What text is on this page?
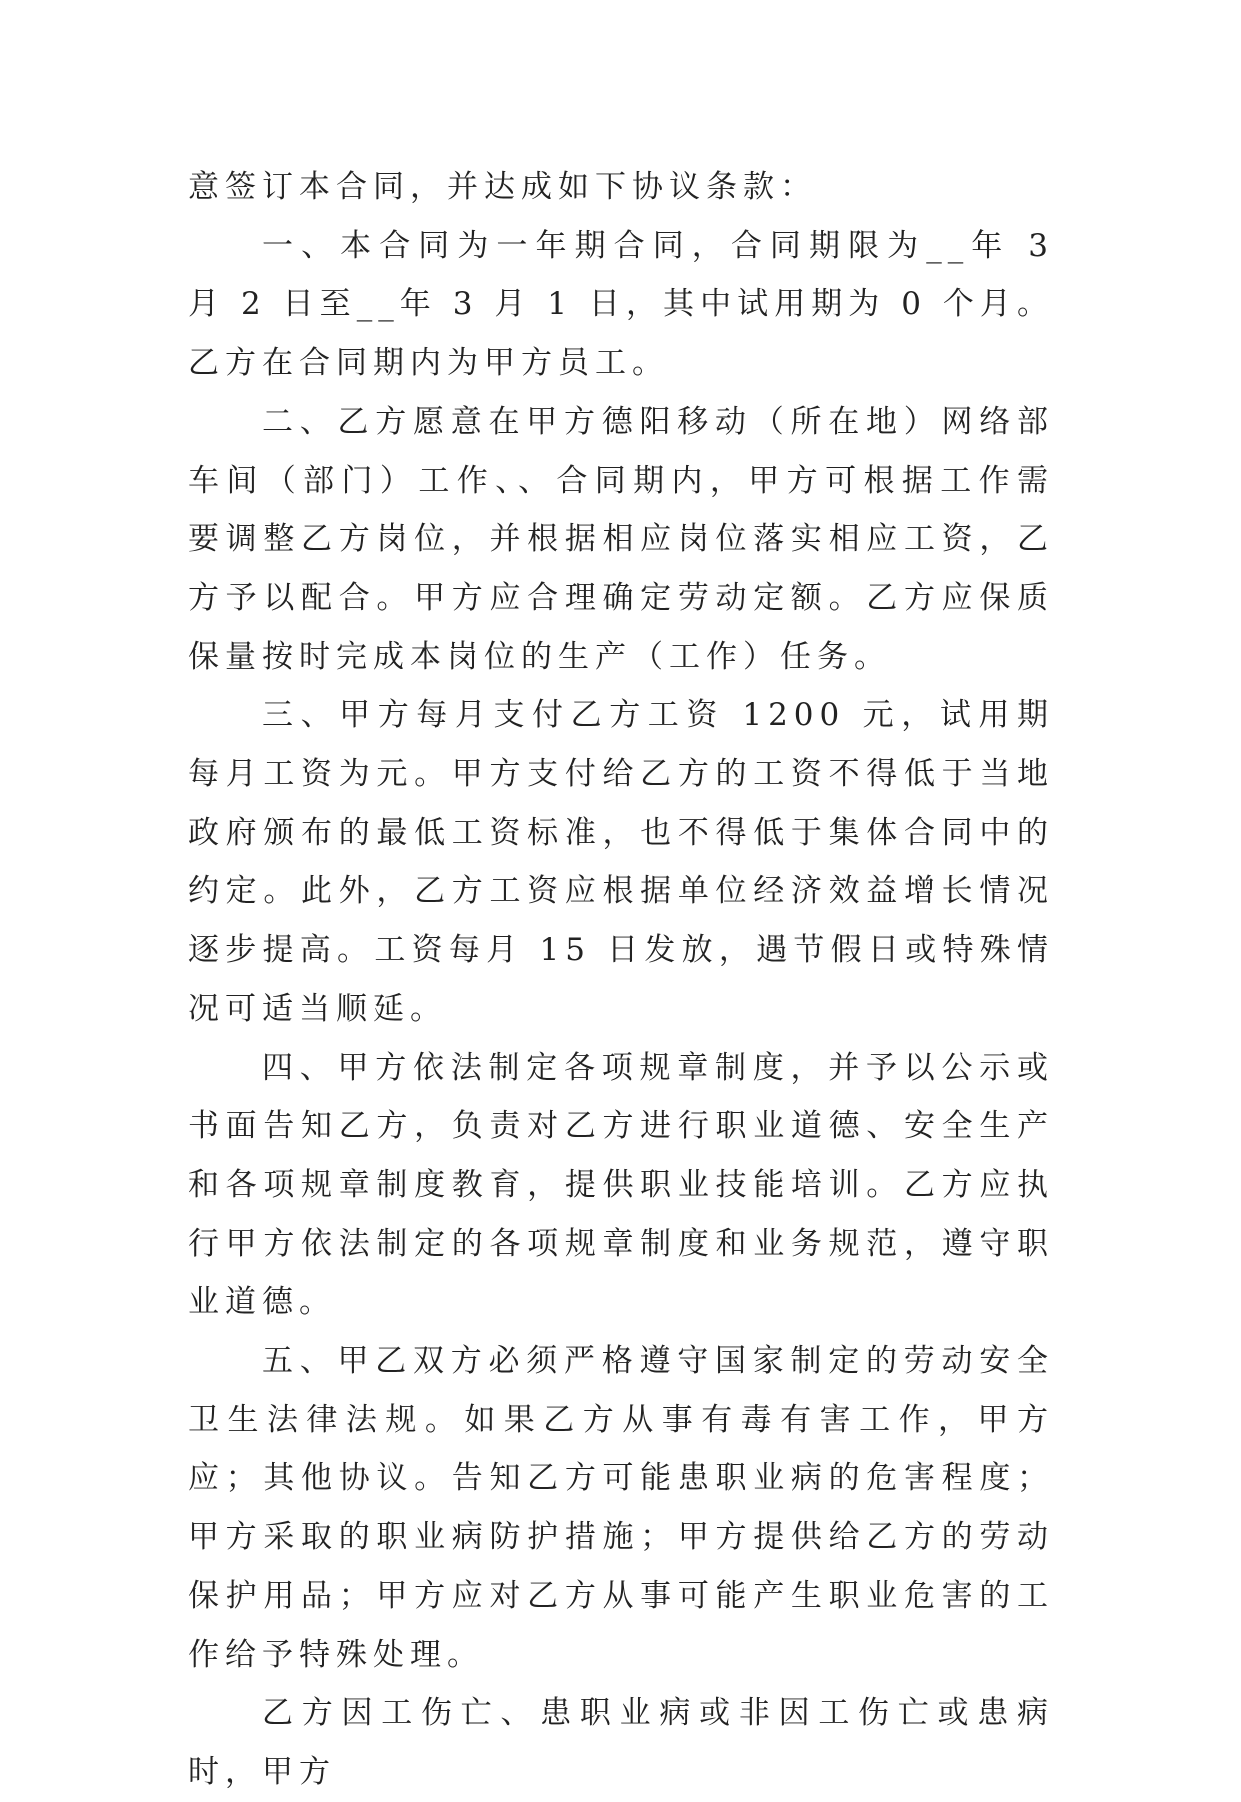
意签订本合同，并达成如下协议条款：

一、本合同为一年期合同，合同期限为__年 3 月 2 日至__年 3 月 1 日，其中试用期为 0 个月。乙方在合同期内为甲方员工。

二、乙方愿意在甲方德阳移动（所在地）网络部车间（部门）工作、、合同期内，甲方可根据工作需要调整乙方岗位，并根据相应岗位落实相应工资，乙方予以配合。甲方应合理确定劳动定额。乙方应保质保量按时完成本岗位的生产（工作）任务。

三、甲方每月支付乙方工资 1200 元，试用期每月工资为元。甲方支付给乙方的工资不得低于当地政府颁布的最低工资标准，也不得低于集体合同中的约定。此外，乙方工资应根据单位经济效益增长情况逐步提高。工资每月 15 日发放，遇节假日或特殊情况可适当顺延。

四、甲方依法制定各项规章制度，并予以公示或书面告知乙方，负责对乙方进行职业道德、安全生产和各项规章制度教育，提供职业技能培训。乙方应执行甲方依法制定的各项规章制度和业务规范，遵守职业道德。

五、甲乙双方必须严格遵守国家制定的劳动安全卫生法律法规。如果乙方从事有毒有害工作，甲方应；其他协议。告知乙方可能患职业病的危害程度；甲方采取的职业病防护措施；甲方提供给乙方的劳动保护用品；甲方应对乙方从事可能产生职业危害的工作给予特殊处理。

乙方因工伤亡、患职业病或非因工伤亡或患病时，甲方
